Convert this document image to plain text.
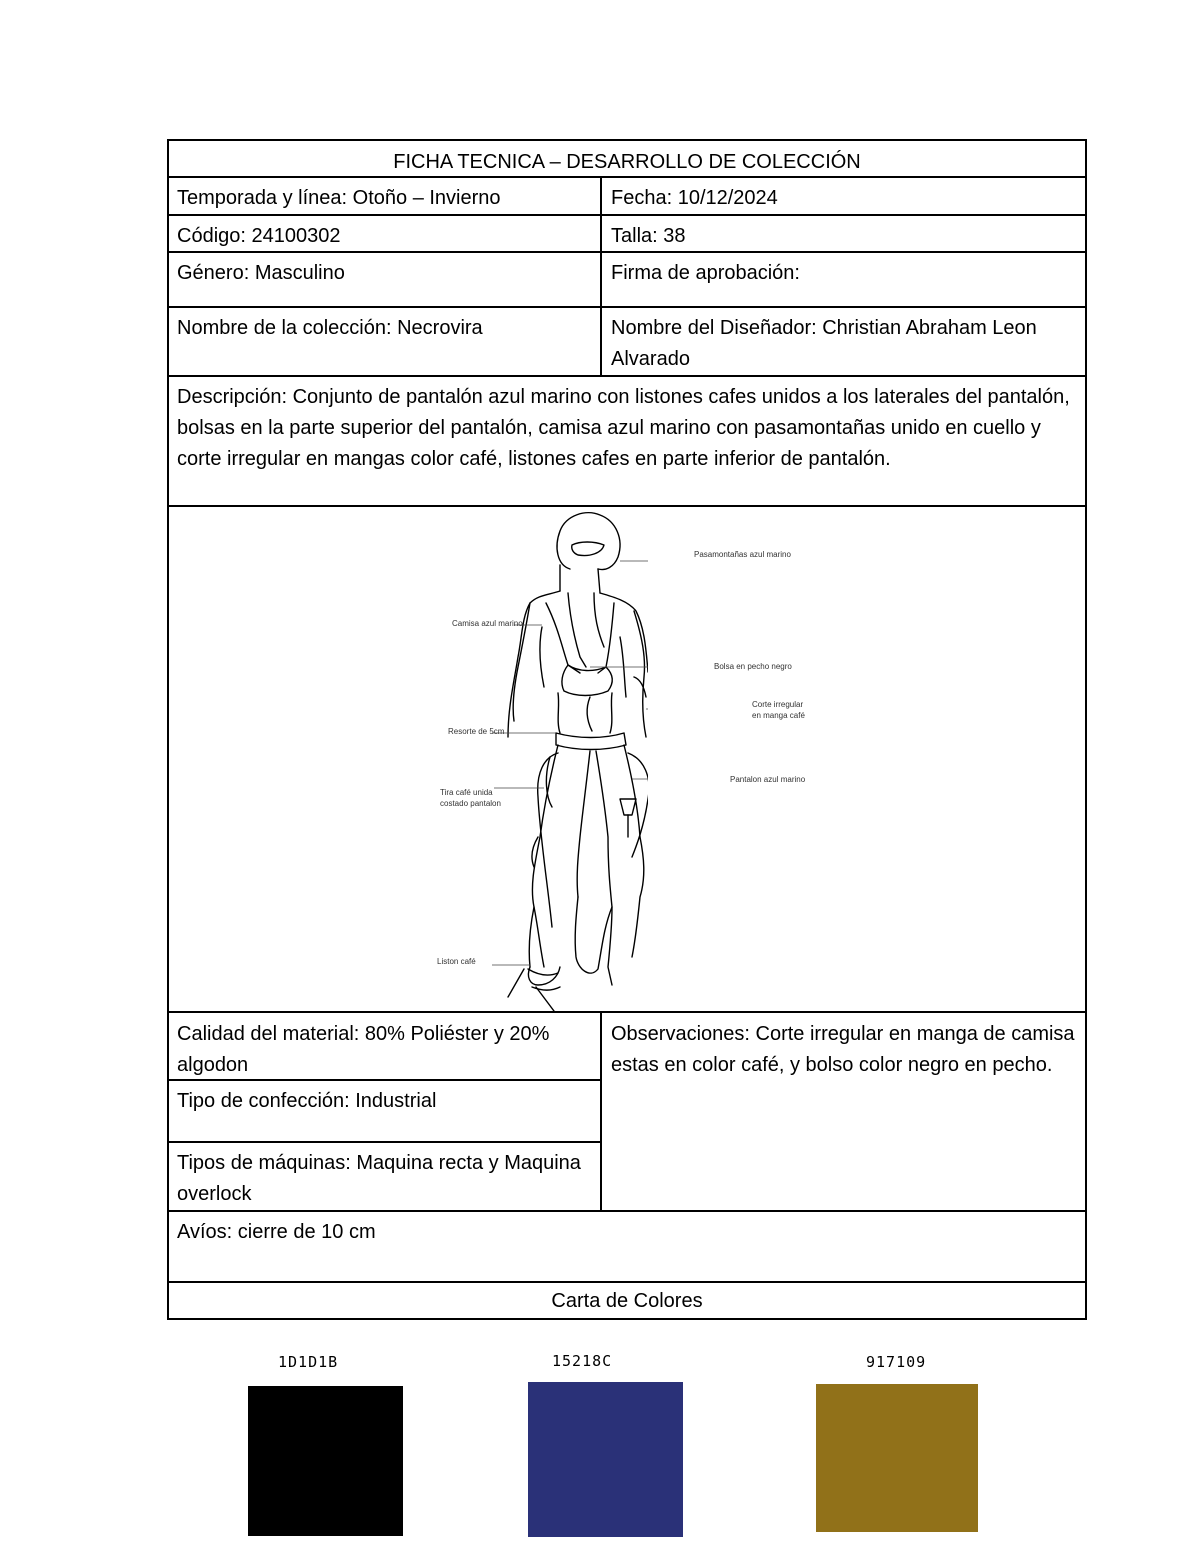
FICHA TECNICA – DESARROLLO DE COLECCIÓN
Temporada y línea: Otoño – Invierno	Fecha: 10/12/2024
Código: 24100302	Talla: 38
Género: Masculino	Firma de aprobación:
Nombre de la colección: Necrovira	Nombre del Diseñador: Christian Abraham Leon Alvarado
Descripción: Conjunto de pantalón azul marino con listones cafes unidos a los laterales del pantalón, bolsas en la parte superior del pantalón, camisa azul marino con pasamontañas unido en cuello y corte irregular en mangas color café, listones cafes en parte inferior de pantalón.
Calidad del material: 80% Poliéster y 20% algodon
Tipo de confección: Industrial
Tipos de máquinas: Maquina recta y Maquina overlock
Observaciones: Corte irregular en manga de camisa estas en color café, y bolso color negro en pecho.
Avíos: cierre de 10 cm
Carta de Colores
Pasamontañas azul marino
Camisa azul marino
Bolsa en pecho negro
Corte irregular
en manga café
Resorte de 5cm
Tira café unida
costado pantalon
Pantalon azul marino
Liston café
1D1D1B	15218C	917109
